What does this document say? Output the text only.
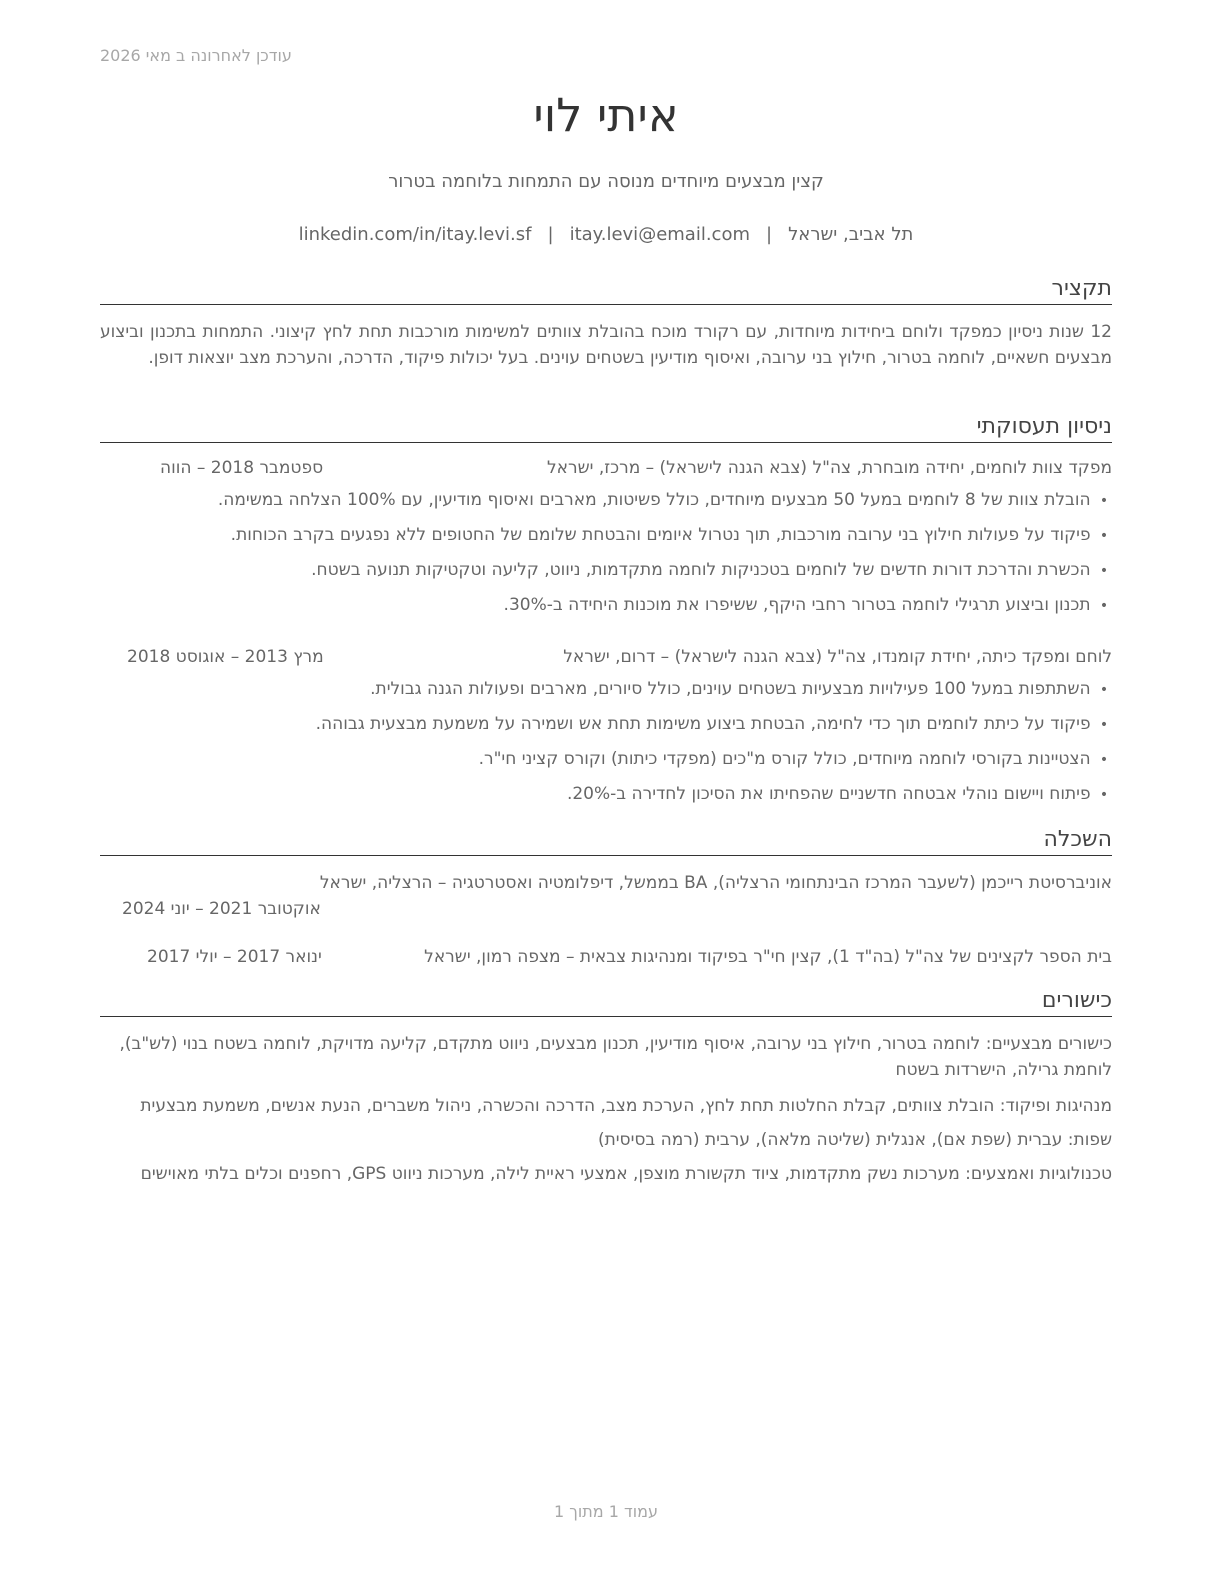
עודכן לאחרונה ב מאי 2026
איתי לוי
קצין מבצעים מיוחדים מנוסה עם התמחות בלוחמה בטרור
תל אביב, ישראל|itay.levi@email.com|linkedin.com/in/itay.levi.sf
תקציר
12 שנות ניסיון כמפקד ולוחם ביחידות מיוחדות, עם רקורד מוכח בהובלת צוותים למשימות מורכבות תחת לחץ קיצוני. התמחות בתכנון וביצוע מבצעים חשאיים, לוחמה בטרור, חילוץ בני ערובה, ואיסוף מודיעין בשטחים עוינים. בעל יכולות פיקוד, הדרכה, והערכת מצב יוצאות דופן.
ניסיון תעסוקתי
מפקד צוות לוחמים, יחידה מובחרת, צה"ל (צבא הגנה לישראל) – מרכז, ישראל
ספטמבר 2018 – הווה
• הובלת צוות של 8 לוחמים במעל 50 מבצעים מיוחדים, כולל פשיטות, מארבים ואיסוף מודיעין, עם 100% הצלחה במשימה.
• פיקוד על פעולות חילוץ בני ערובה מורכבות, תוך נטרול איומים והבטחת שלומם של החטופים ללא נפגעים בקרב הכוחות.
• הכשרת והדרכת דורות חדשים של לוחמים בטכניקות לוחמה מתקדמות, ניווט, קליעה וטקטיקות תנועה בשטח.
• תכנון וביצוע תרגילי לוחמה בטרור רחבי היקף, ששיפרו את מוכנות היחידה ב-30%.
לוחם ומפקד כיתה, יחידת קומנדו, צה"ל (צבא הגנה לישראל) – דרום, ישראל
מרץ 2013 – אוגוסט 2018
• השתתפות במעל 100 פעילויות מבצעיות בשטחים עוינים, כולל סיורים, מארבים ופעולות הגנה גבולית.
• פיקוד על כיתת לוחמים תוך כדי לחימה, הבטחת ביצוע משימות תחת אש ושמירה על משמעת מבצעית גבוהה.
• הצטיינות בקורסי לוחמה מיוחדים, כולל קורס מ"כים (מפקדי כיתות) וקורס קציני חי"ר.
• פיתוח ויישום נוהלי אבטחה חדשניים שהפחיתו את הסיכון לחדירה ב-20%.
השכלה
אוניברסיטת רייכמן (לשעבר המרכז הבינתחומי הרצליה), BA בממשל, דיפלומטיה ואסטרטגיה – הרצליה, ישראל
אוקטובר 2021 – יוני 2024
בית הספר לקצינים של צה"ל (בה"ד 1), קצין חי"ר בפיקוד ומנהיגות צבאית – מצפה רמון, ישראל
ינואר 2017 – יולי 2017
כישורים
כישורים מבצעיים: לוחמה בטרור, חילוץ בני ערובה, איסוף מודיעין, תכנון מבצעים, ניווט מתקדם, קליעה מדויקת, לוחמה בשטח בנוי (לש"ב), לוחמת גרילה, הישרדות בשטח
מנהיגות ופיקוד: הובלת צוותים, קבלת החלטות תחת לחץ, הערכת מצב, הדרכה והכשרה, ניהול משברים, הנעת אנשים, משמעת מבצעית
שפות: עברית (שפת אם), אנגלית (שליטה מלאה), ערבית (רמה בסיסית)
טכנולוגיות ואמצעים: מערכות נשק מתקדמות, ציוד תקשורת מוצפן, אמצעי ראיית לילה, מערכות ניווט GPS, רחפנים וכלים בלתי מאוישים
עמוד 1 מתוך 1
